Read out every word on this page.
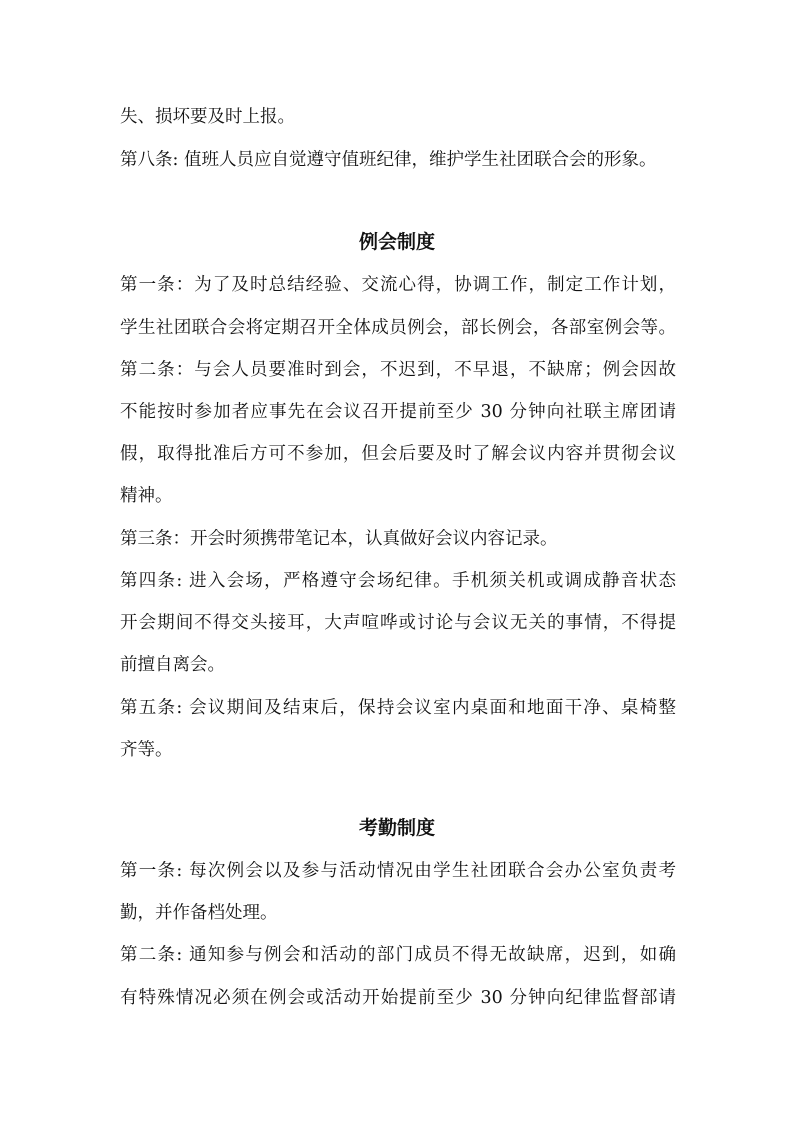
失、损坏要及时上报。
第八条: 值班人员应自觉遵守值班纪律，维护学生社团联合会的形象。
例会制度
第一条：为了及时总结经验、交流心得，协调工作，制定工作计划，
学生社团联合会将定期召开全体成员例会，部长例会，各部室例会等。
第二条：与会人员要准时到会，不迟到，不早退，不缺席；例会因故
不能按时参加者应事先在会议召开提前至少 30 分钟向社联主席团请
假，取得批准后方可不参加，但会后要及时了解会议内容并贯彻会议
精神。
第三条：开会时须携带笔记本，认真做好会议内容记录。
第四条: 进入会场，严格遵守会场纪律。手机须关机或调成静音状态
开会期间不得交头接耳，大声喧哗或讨论与会议无关的事情，不得提
前擅自离会。
第五条: 会议期间及结束后，保持会议室内桌面和地面干净、桌椅整
齐等。
考勤制度
第一条: 每次例会以及参与活动情况由学生社团联合会办公室负责考
勤，并作备档处理。
第二条: 通知参与例会和活动的部门成员不得无故缺席，迟到，如确
有特殊情况必须在例会或活动开始提前至少 30 分钟向纪律监督部请
